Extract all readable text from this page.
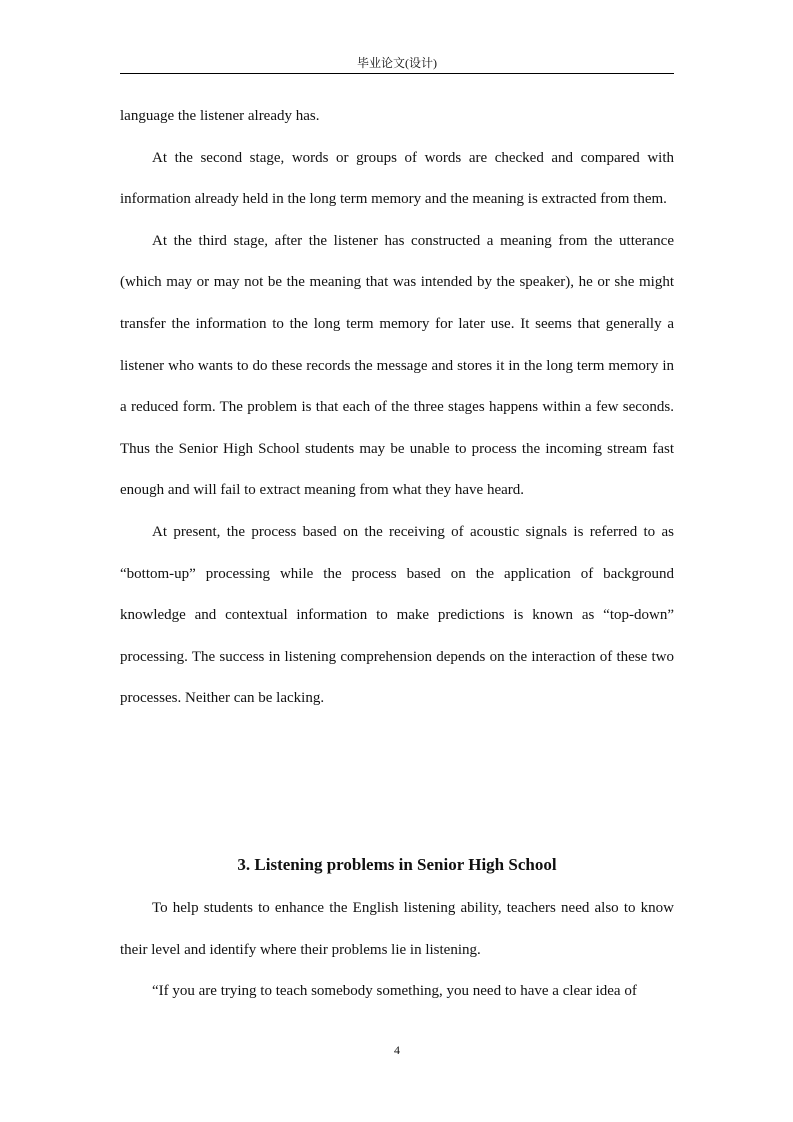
毕业论文(设计)

language the listener already has.

At the second stage, words or groups of words are checked and compared with information already held in the long term memory and the meaning is extracted from them.

At the third stage, after the listener has constructed a meaning from the utterance (which may or may not be the meaning that was intended by the speaker), he or she might transfer the information to the long term memory for later use. It seems that generally a listener who wants to do these records the message and stores it in the long term memory in a reduced form. The problem is that each of the three stages happens within a few seconds. Thus the Senior High School students may be unable to process the incoming stream fast enough and will fail to extract meaning from what they have heard.

At present, the process based on the receiving of acoustic signals is referred to as “bottom-up” processing while the process based on the application of background knowledge and contextual information to make predictions is known as “top-down” processing. The success in listening comprehension depends on the interaction of these two processes. Neither can be lacking.

3. Listening problems in Senior High School

To help students to enhance the English listening ability, teachers need also to know their level and identify where their problems lie in listening.

“If you are trying to teach somebody something, you need to have a clear idea of

4
